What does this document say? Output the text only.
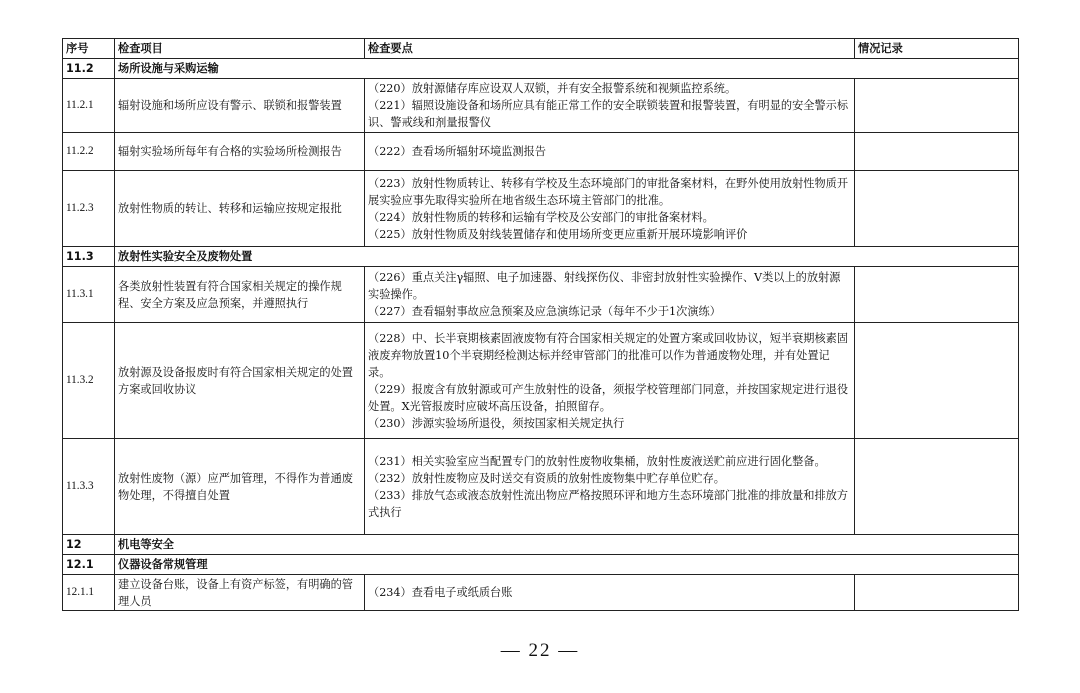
序号	检查项目	检查要点	情况记录
11.2	场所设施与采购运输		
11.2.1	辐射设施和场所应设有警示、联锁和报警装置	（220）放射源储存库应设双人双锁，并有安全报警系统和视频监控系统。
（221）辐照设施设备和场所应具有能正常工作的安全联锁装置和报警装置，有明显的安全警示标识、警戒线和剂量报警仪	

11.2.2	辐射实验场所每年有合格的实验场所检测报告	（222）查看场所辐射环境监测报告	

11.2.3	放射性物质的转让、转移和运输应按规定报批	（223）放射性物质转让、转移有学校及生态环境部门的审批备案材料，在野外使用放射性物质开展实验应事先取得实验所在地省级生态环境主管部门的批准。
（224）放射性物质的转移和运输有学校及公安部门的审批备案材料。
（225）放射性物质及射线装置储存和使用场所变更应重新开展环境影响评价	

11.3	放射性实验安全及废物处置		
11.3.1	各类放射性装置有符合国家相关规定的操作规程、安全方案及应急预案，并遵照执行	（226）重点关注γ辐照、电子加速器、射线探伤仪、非密封放射性实验操作、V类以上的放射源实验操作。
（227）查看辐射事故应急预案及应急演练记录（每年不少于1次演练）	

11.3.2	放射源及设备报废时有符合国家相关规定的处置方案或回收协议	（228）中、长半衰期核素固液废物有符合国家相关规定的处置方案或回收协议，短半衰期核素固液废弃物放置10个半衰期经检测达标并经审管部门的批准可以作为普通废物处理，并有处置记录。
（229）报废含有放射源或可产生放射性的设备，须报学校管理部门同意，并按国家规定进行退役处置。X光管报废时应破坏高压设备，拍照留存。
（230）涉源实验场所退役，须按国家相关规定执行	

11.3.3	放射性废物（源）应严加管理，不得作为普通废物处理，不得擅自处置	（231）相关实验室应当配置专门的放射性废物收集桶，放射性废液送贮前应进行固化整备。
（232）放射性废物应及时送交有资质的放射性废物集中贮存单位贮存。
（233）排放气态或液态放射性流出物应严格按照环评和地方生态环境部门批准的排放量和排放方式执行	

12	机电等安全		
12.1	仪器设备常规管理		
12.1.1	建立设备台账，设备上有资产标签，有明确的管理人员	（234）查看电子或纸质台账	

— 22 —
